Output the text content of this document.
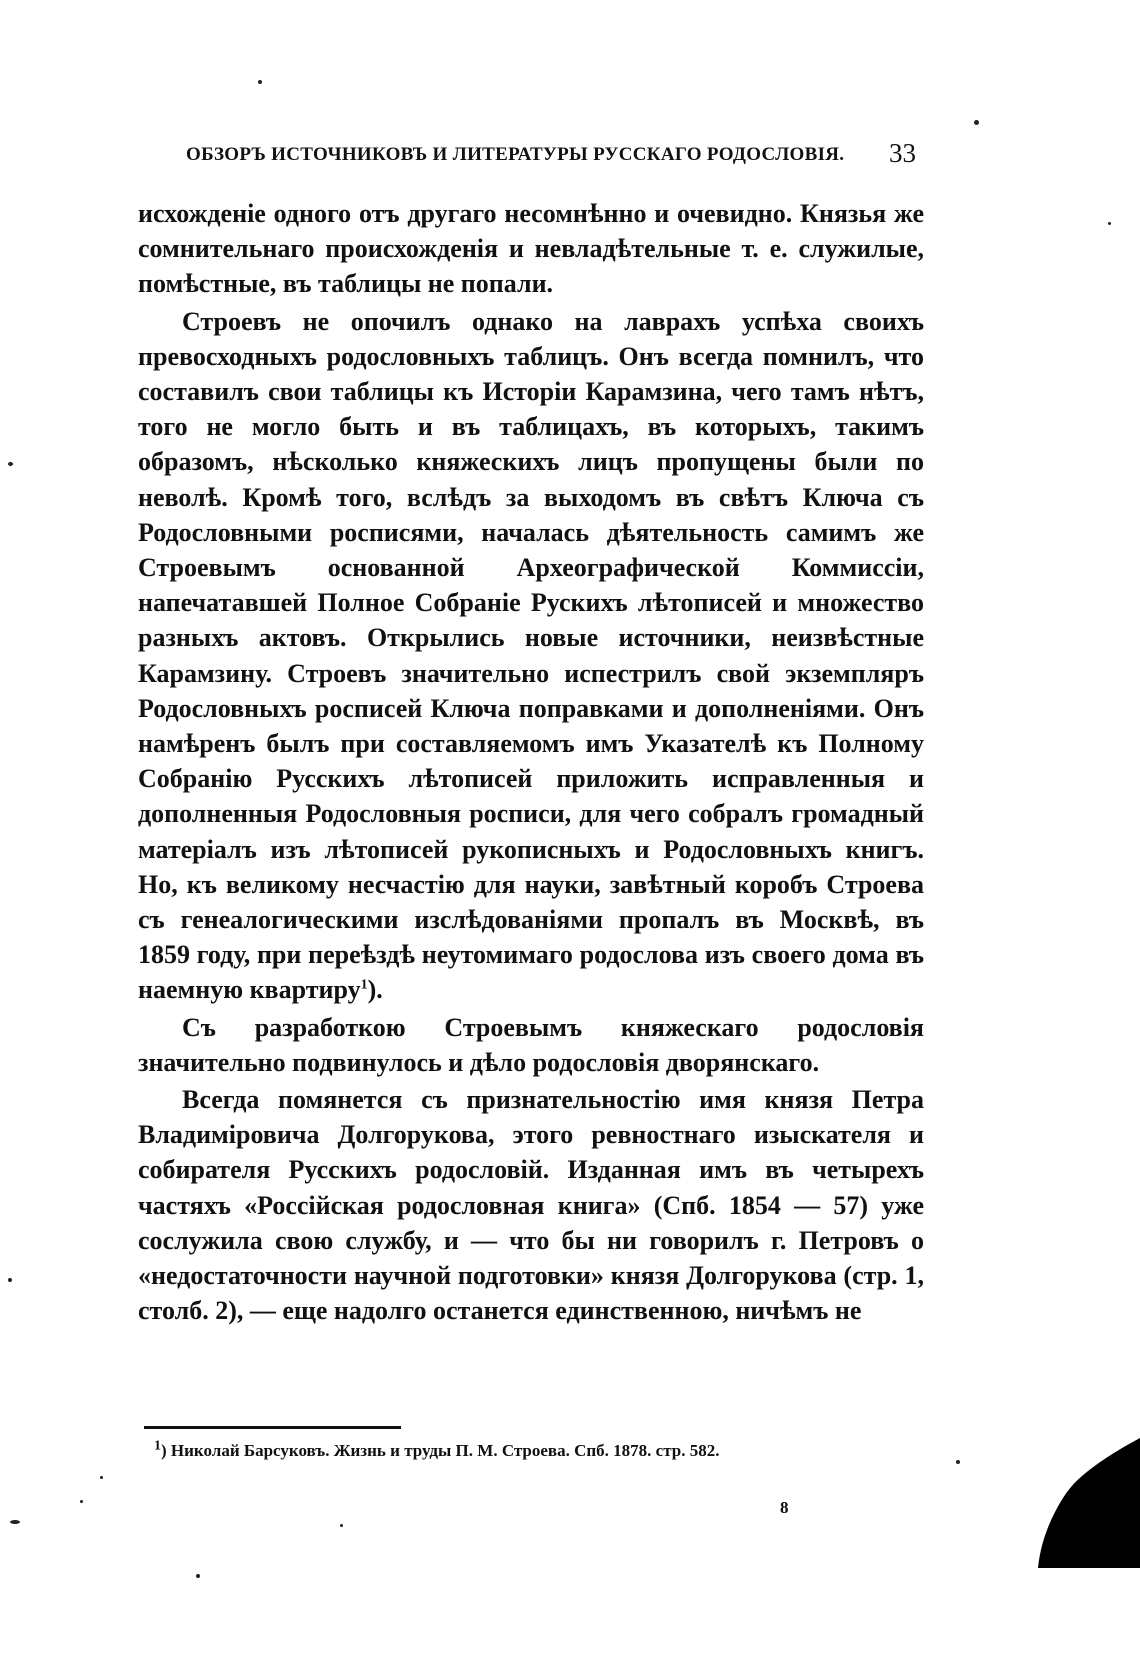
ОБЗОРЪ ИСТОЧНИКОВЪ И ЛИТЕРАТУРЫ РУССКАГО РОДОСЛОВІЯ. 33

исхожденіе одного отъ другаго несомнѣнно и очевидно. Князья же сомнительнаго происхожденія и невладѣтельные т. е. служилые, помѣстные, въ таблицы не попали.

Строевъ не опочилъ однако на лаврахъ успѣха своихъ превосходныхъ родословныхъ таблицъ. Онъ всегда помнилъ, что составилъ свои таблицы къ Исторіи Карамзина, чего тамъ нѣтъ, того не могло быть и въ таблицахъ, въ которыхъ, такимъ образомъ, нѣсколько княжескихъ лицъ пропущены были по неволѣ. Кромѣ того, вслѣдъ за выходомъ въ свѣтъ Ключа съ Родословными росписями, началась дѣятельность самимъ же Строевымъ основанной Археографической Коммиссіи, напечатавшей Полное Собраніе Рускихъ лѣтописей и множество разныхъ актовъ. Открылись новые источники, неизвѣстные Карамзину. Строевъ значительно испестрилъ свой экземпляръ Родословныхъ росписей Ключа поправками и дополненіями. Онъ намѣренъ былъ при составляемомъ имъ Указателѣ къ Полному Собранію Русскихъ лѣтописей приложить исправленныя и дополненныя Родословныя росписи, для чего собралъ громадный матеріалъ изъ лѣтописей рукописныхъ и Родословныхъ книгъ. Но, къ великому несчастію для науки, завѣтный коробъ Строева съ генеалогическими изслѣдованіями пропалъ въ Москвѣ, въ 1859 году, при переѣздѣ неутомимаго родослова изъ своего дома въ наемную квартиру$^1$).

Съ разработкою Строевымъ княжескаго родословія значительно подвинулось и дѣло родословія дворянскаго.

Всегда помянется съ признательностію имя князя Петра Владиміровича Долгорукова, этого ревностнаго изыскателя и собирателя Русскихъ родословій. Изданная имъ въ четырехъ частяхъ «Россійская родословная книга» (Спб. 1854 — 57) уже сослужила свою службу, и — что бы ни говорилъ г. Петровъ о «недостаточности научной подготовки» князя Долгорукова (стр. 1, столб. 2), — еще надолго останется единственною, ничѣмъ не

$^1$) Николай Барсуковъ. Жизнь и труды П. М. Строева. Спб. 1878. стр. 582.
8
